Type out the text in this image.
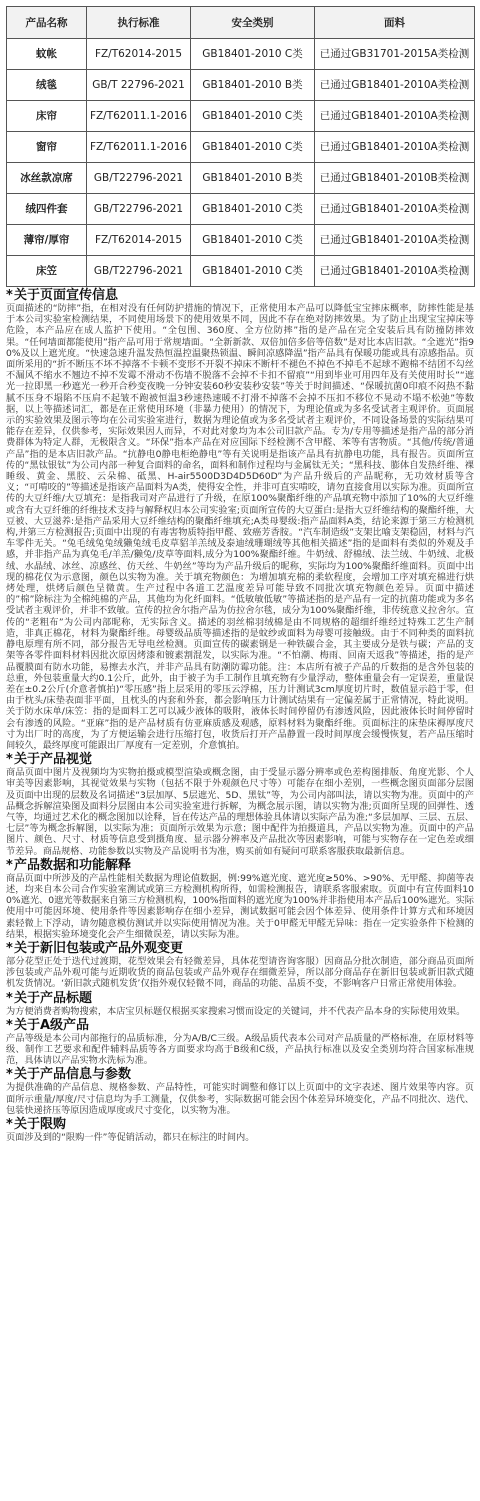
产品名称	执行标准	安全类别	面料
蚊帐	FZ/T62014-2015	GB18401-2010 C类	已通过GB31701-2015A类检测
绒毯	GB/T 22796-2021	GB18401-2010 B类	已通过GB18401-2010A类检测
床帘	FZ/T62011.1-2016	GB18401-2010 C类	已通过GB18401-2010A类检测
窗帘	FZ/T62011.1-2016	GB18401-2010 C类	已通过GB18401-2010A类检测
冰丝款凉席	GB/T22796-2021	GB18401-2010 B类	已通过GB18401-2010B类检测
绒四件套	GB/T22796-2021	GB18401-2010 C类	已通过GB18401-2010A类检测
薄帘/厚帘	FZ/T62014-2015	GB18401-2010 C类	已通过GB18401-2010A类检测
床笠	GB/T22796-2021	GB18401-2010 C类	已通过GB18401-2010A类检测
*关于页面宣传信息

页面描述的“防摔”指，在相对没有任何防护措施的情况下，正常使用本产品可以降低宝宝摔床概率，防摔性能是基于本公司实验室检测结果，不同使用场景下的使用效果不同，因此不存在绝对防摔效果。为了防止出现宝宝掉床等危险，本产品应在成人监护下使用。“全包围、360度、全方位防摔”指的是产品在完全安装后具有防撞防摔效果。“任何墙面都能使用”指产品可用于常规墙面。“全新新款、双倍加倍多倍等倍数”是对比本店旧款。“全遮光”指90%及以上遮光度。“快速急速升温发热恒温控温聚热锁温、瞬间凉感降温”指产品具有保暖功能或具有凉感指品。页面所采用的“折不断压不坏不掉落不卡顿不变形不开裂不掉床不断杆不褪色不掉色不掉毛不起球不跑棉不结团不勾丝不漏风不缩水不翘边不掉不发霉不滑动不伤墙不脱落不会掉不卡扣不留痕”“用到毕业可用四年及有关使用时长”“遮光一拉即黑一秒遮光一秒开合秒变夜晚一分钟安装60秒安装秒安装”等关于时间描述、“保暖抗菌0印痕不闷热不黏腻不压身不塌陷不压肩不起皱不跑被恒温3秒速热速暖不打滑不掉落不会掉不压扣不移位不晃动不塌不松弛”等数据，以上等描述词汇，都是在正常使用环境（非暴力使用）的情况下，为理论值或为多名受试者主观评价。页面展示的实验效果及图示等均在公司实验室进行，数据为理论值或为多名受试者主观评价，不同设备场景的实际结果可能存在差异，仅供参考，实际效果因人而异，不对此对象均为本公司旧款产品。专为/专用等描述是指产品的部分消费群体为特定人群，无极限含义。“环保”指本产品在对应国际下经检测不含甲醛、苯等有害物质。“其他/传统/普通产品”指的是本店旧款产品。“抗静电0静电柜绝静电”等有关说明是指该产品具有抗静电功能，具有报告。页面所宣传的“黑钛银钛”为公司内部一种复合面料的命名，面料和制作过程均与金属钛无关；“黑科技、膨体自发热纤维、裸睡级、黄金、黑胶、云朵棉、砥黑、H-air5500D3D4D5D60D”为产品升级后的产品昵称，无功效材质等含义；“可啃咬的”等描述是指该产品面料为A类，使得安全性，并非可直实啃咬，请勿直接食用以实际为准。页面所宣传的大豆纤维/大豆填充：是指我司对产品进行了升级，在原100%聚酯纤维的产品填充物中添加了10%的大豆纤维或含有大豆纤维的纤维技术支持与解释权归本公司实验室;页面所宣传的大豆蛋白:是指大豆纤维结构的聚酯纤维，大豆被、大豆滋养:是指产品采用大豆纤维结构的聚酯纤维填充;A类母婴级:指产品面料A类，结论来源于第三方检测机构,并第三方检测报告;页面中出现的有毒害物质特指甲醛、致癌芳香胺。“汽车制造级”支架比喻支架稳固，材料与汽车零件无关。“兔毛绒兔兔绒獭兔绒毛皮草貂羊羔绒及泰迪绒珊瑚绒等其他相关描述”指的是面料有类似的外观及手感，并非指产品为真兔毛/羊羔/獭兔/皮草等面料,成分为100%聚酯纤维。牛奶绒、舒棉绒、法兰绒、牛奶绒、北极绒、水晶绒、冰丝、凉感丝、仿天丝、牛奶丝”等均为产品升级后的昵称，实际均为100%聚酯纤维面料。页面中出现的棉花仅为示意图，颜色以实物为准。关于填充物颜色：为增加填充棉的柔软程度，会增加工序对填充棉进行烘烤处理，烘烤后颜色呈微黄。生产过程中各道工艺温度差异可能导致不同批次填充物颜色差异。页面中描述的”棉”除标注为全棉纯棉的产品，其他均为化纤面料。“低敏敏低敏”等描述指的是产品有一定的抗菌功能或为多名受试者主观评价，并非不致敏。宣传的拉舍尔指产品为仿拉舍尔毯，成分为100%聚酯纤维，非传统意义拉舍尔。宣传的“老粗布”为公司内部昵称，无实际含义。描述的羽丝棉羽绒棉是由不同规格的超细纤维经过特殊工艺生产制造，非真正棉花，材料为聚酯纤维。母婴级品质等描述指的是蚊纱或面料为母婴可接触级。由于不同种类的面料抗静电原理有所不同，部分报告无导电丝检测。页面宣传的碳素钢是一种铁碳合金，其主要成分是铁与碳；产品的支架等各零件面料材料因批次原因烤漆和镀素割混发，以实际为准。“不怕潮、梅雨、回南天返我”等描述，指的是产品覆膜面有防水功能，易擦去水汽，并非产品具有防潮防霉功能。注：本店所有被子产品的斤数指的是含外包装的总重，外包装重量大约0.1公斤，此外，由于被子为手工制作且填充物有少量浮动，整体重量会有一定误差，重量误差在±0.2公斤(介意者慎拍)“零压感”指上层采用的零压云浮棉，压力计测试3cm厚度切片时，数值显示趋于零，但由于枕头/床垫表面非平面，且枕头的内套和外套，都会影响压力计测试结果有一定偏差属于正常情况，特此说明。关于防水床单/床笠：指的是面料工艺可以减少液体的吸附，液体长时间停留仍有渗透风险，因此液体长时间停留时会有渗透的风险。“亚麻”指的是产品材质有仿亚麻质感及观感，原料材料为聚酯纤维。页面标注的床垫床褥厚度尺寸为出厂时的高度，为了方便运输会进行压缩打包，收货后打开产品静置一段时间厚度会缓慢恢复，若产品压缩时间较久，最终厚度可能跟出厂厚度有一定差别，介意慎拍。

*关于产品视觉

商品页面中图片及视频均为实物拍摄或模型渲染或概念图，由于受显示器分辨率或色差构图排版、角度光影、个人审美等因素影响，其视觉效果与实物（包括不限于外观颜色尺寸等）可能存在细小差别，一些概念图页面部分层图及页面中出现的层数及名词描述“3层加厚、5层遮光、5D、黑钛”等，为公司内部叫法，请以实物为准。页面中的产品概念拆解渲染图及面料分层图由本公司实验室进行拆解，为概念展示图，请以实物为准;页面所呈现的回弹性、透气等，均通过艺术化的概念图加以诠释，旨在传达产品的理想体验具体请以实际产品为准;“多层加厚、三层、五层、七层”等为概念拆解图，以实际为准；页面所示效果为示意；图中配件为拍摄道具，产品以实物为准。页面中的产品图片、颜色、尺寸、材质等信息受到摄角度、显示器分辨率及产品批次等因素影响，可能与实物存在一定色差或细节差异。商品规格、功能参数以实物及产品说明书为准，购买前如有疑问可联系客服获取最新信息。

*产品数据和功能解释

商品页面中所涉及的产品性能相关数据为理论值数据，例:99%遮光度、遮光度≥50%、>90%、无甲醛、抑菌等表述，均来自本公司合作实验室测试或第三方检测机构所得，如需检测报告，请联系客服索取。页面中有宣传面料100%遮光、0遮光等数据来自第三方检测机构，100%指面料的遮光度为100%并非指使用本产品后100%遮光。实际使用中可能因环境、使用条件等因素影响存在细小差异，测试数据可能会因个体差异、使用条件计算方式和环境因素轻微上下浮动，请勿随意模仿测试并以实际使用情况为准。关于0甲醛无甲醛无异味：指在一定实验条件下检测的结果，根据实验环境变化会产生细微误差，请以实际为准。

*关于新旧包装或产品外观变更

部分花型正处于迭代过渡期，花型效果会有轻微差异，具体花型请咨询客服）因商品分批次制造，部分商品页面所涉包装或产品外观可能与近期收货的商品包装或产品外观存在细微差异，所以部分商品存在新旧包装或新旧款式随机发货情况。‘新旧款式随机发货’仅指外观仅轻微不同，商品的功能、品质不变，不影响客户日常正常使用体验。

*关于产品标题

为方便消费者购物搜索，本店宝贝标题仅根据买家搜索习惯而设定的关键词，并不代表产品本身的实际使用效果。

*关于A级产品

产品等级是本公司内部拖行的品质标准，分为A/B/C三级。A级品质代表本公司对产品质量的严格标准，在原材料等级、制作工艺要求和配件辅料品质等各方面要求均高于B级和C级，产品执行标准以及安全类别均符合国家标准规范，具体请以产品实物水洗标为准。

*关于产品信息与参数

为提供准确的产品信息、规格参数、产品特性，可能实时调整和修订以上页面中的文字表述、图片效果等内容。页面所示重量/厚度/尺寸信息均为手工测量，仅供参考，实际数据可能会因个体差异环境变化，产品不同批次、迭代、包装快递挤压等原因造成厚度或尺寸变化，以实物为准。

*关于限购

页面涉及到的“限购一件”等促销活动，都只在标注的时间内。
